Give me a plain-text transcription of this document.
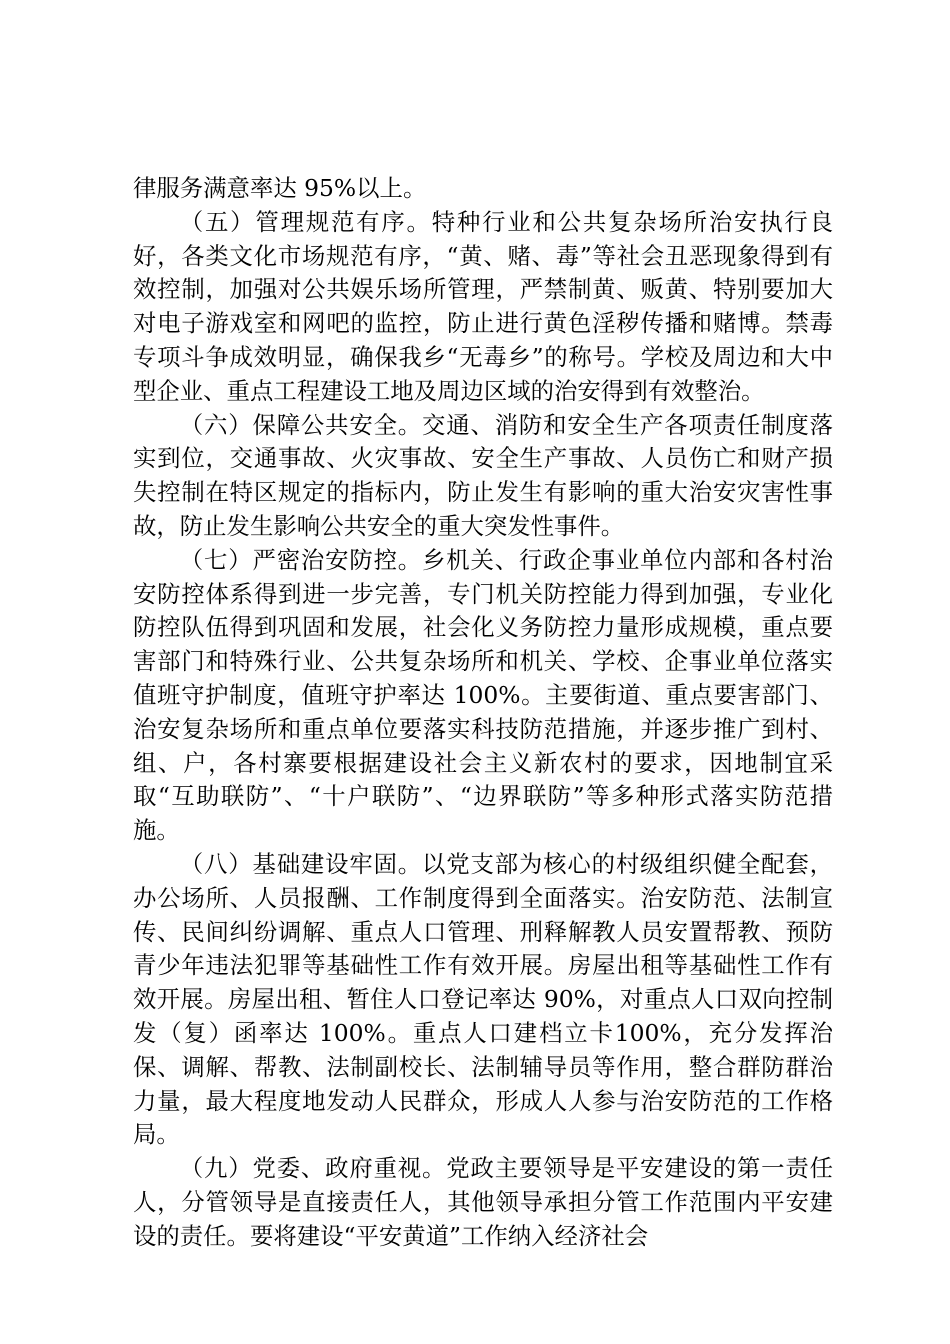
律服务满意率达 95%以上。

（五）管理规范有序。特种行业和公共复杂场所治安执行良好，各类文化市场规范有序，“黄、赌、毒”等社会丑恶现象得到有效控制，加强对公共娱乐场所管理，严禁制黄、贩黄、特别要加大对电子游戏室和网吧的监控，防止进行黄色淫秽传播和赌博。禁毒专项斗争成效明显，确保我乡“无毒乡”的称号。学校及周边和大中型企业、重点工程建设工地及周边区域的治安得到有效整治。

（六）保障公共安全。交通、消防和安全生产各项责任制度落实到位，交通事故、火灾事故、安全生产事故、人员伤亡和财产损失控制在特区规定的指标内，防止发生有影响的重大治安灾害性事故，防止发生影响公共安全的重大突发性事件。

（七）严密治安防控。乡机关、行政企事业单位内部和各村治安防控体系得到进一步完善，专门机关防控能力得到加强，专业化防控队伍得到巩固和发展，社会化义务防控力量形成规模，重点要害部门和特殊行业、公共复杂场所和机关、学校、企事业单位落实值班守护制度，值班守护率达 100%。主要街道、重点要害部门、治安复杂场所和重点单位要落实科技防范措施，并逐步推广到村、组、户，各村寨要根据建设社会主义新农村的要求，因地制宜采取“互助联防”、“十户联防”、“边界联防”等多种形式落实防范措施。

（八）基础建设牢固。以党支部为核心的村级组织健全配套，办公场所、人员报酬、工作制度得到全面落实。治安防范、法制宣传、民间纠纷调解、重点人口管理、刑释解教人员安置帮教、预防青少年违法犯罪等基础性工作有效开展。房屋出租等基础性工作有效开展。房屋出租、暂住人口登记率达 90%，对重点人口双向控制发（复）函率达 100%。重点人口建档立卡100%，充分发挥治保、调解、帮教、法制副校长、法制辅导员等作用，整合群防群治力量，最大程度地发动人民群众，形成人人参与治安防范的工作格局。

（九）党委、政府重视。党政主要领导是平安建设的第一责任人，分管领导是直接责任人，其他领导承担分管工作范围内平安建设的责任。要将建设“平安黄道”工作纳入经济社会
